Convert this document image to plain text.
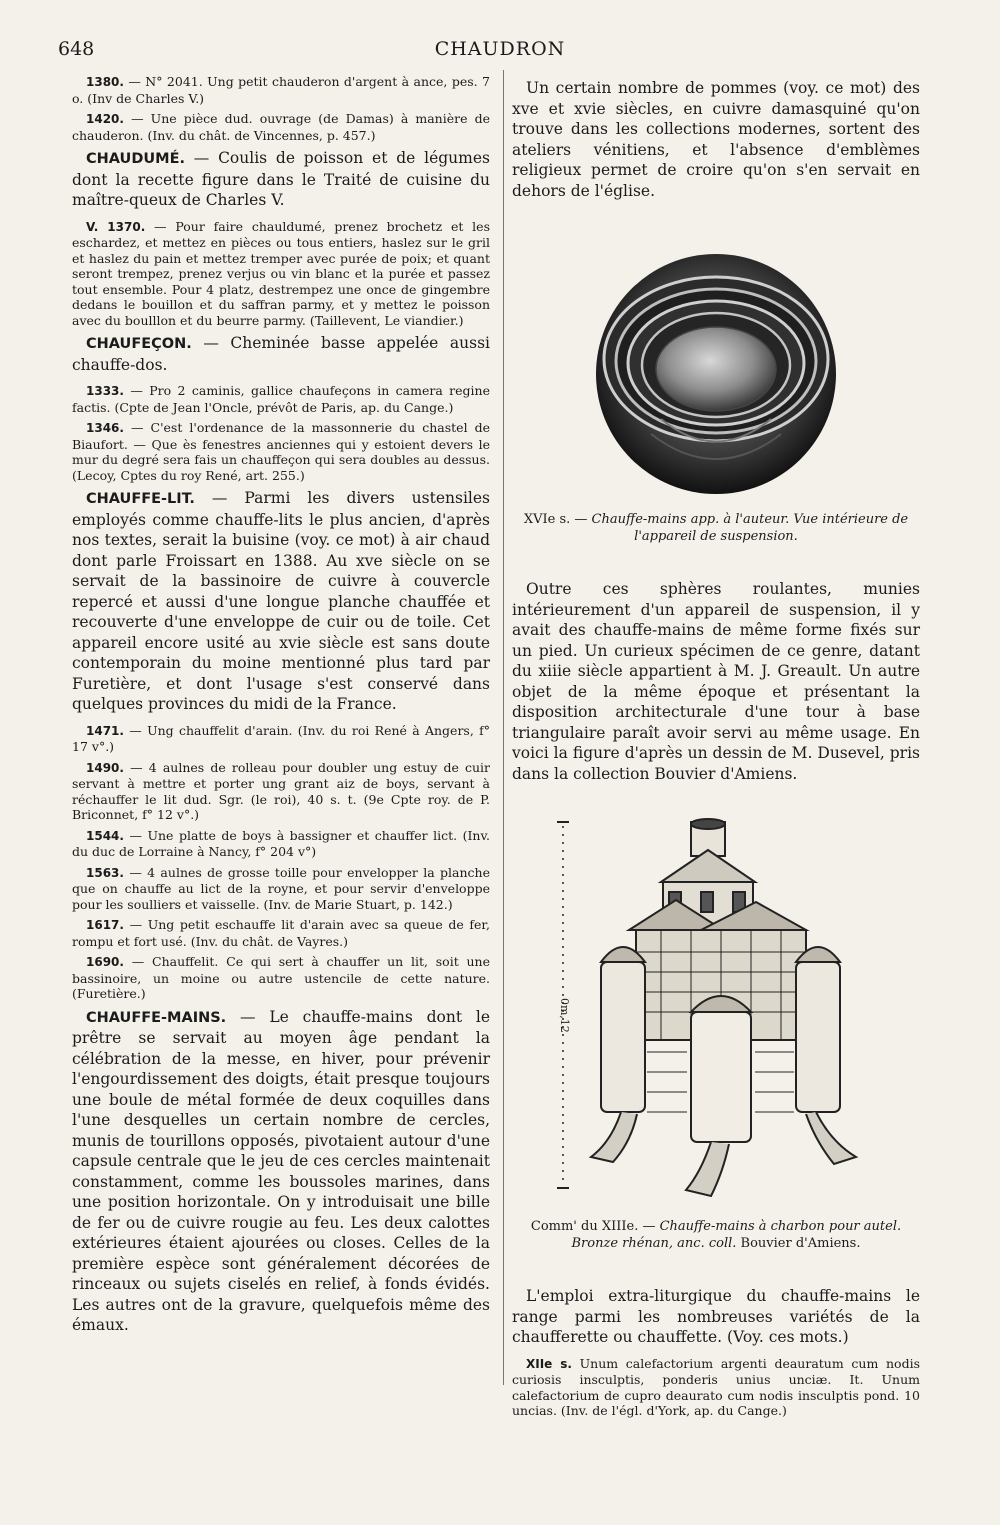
648	CHAUDRON

1380. — N° 2041. Ung petit chauderon d'argent à ance, pes. 7 o. (Inv de Charles V.)

1420. — Une pièce dud. ouvrage (de Damas) à manière de chauderon. (Inv. du chât. de Vincennes, p. 457.)

CHAUDUMÉ. — Coulis de poisson et de légumes dont la recette figure dans le Traité de cuisine du maître-queux de Charles V.

V. 1370. — Pour faire chauldumé, prenez brochetz et les eschardez, et mettez en pièces ou tous entiers, haslez sur le gril et haslez du pain et mettez tremper avec purée de poix; et quant seront trempez, prenez verjus ou vin blanc et la purée et passez tout ensemble. Pour 4 platz, destrempez une once de gingembre dedans le bouillon et du saffran parmy, et y mettez le poisson avec du boulllon et du beurre parmy. (Taillevent, Le viandier.)

CHAUFEÇON. — Cheminée basse appelée aussi chauffe-dos.

1333. — Pro 2 caminis, gallice chaufeçons in camera regine factis. (Cpte de Jean l'Oncle, prévôt de Paris, ap. du Cange.)

1346. — C'est l'ordenance de la massonnerie du chastel de Biaufort. — Que ès fenestres anciennes qui y estoient devers le mur du degré sera fais un chauffeçon qui sera doubles au dessus. (Lecoy, Cptes du roy René, art. 255.)

CHAUFFE-LIT. — Parmi les divers ustensiles employés comme chauffe-lits le plus ancien, d'après nos textes, serait la buisine (voy. ce mot) à air chaud dont parle Froissart en 1388. Au xve siècle on se servait de la bassinoire de cuivre à couvercle repercé et aussi d'une longue planche chauffée et recouverte d'une enveloppe de cuir ou de toile. Cet appareil encore usité au xvie siècle est sans doute contemporain du moine mentionné plus tard par Furetière, et dont l'usage s'est conservé dans quelques provinces du midi de la France.

1471. — Ung chauffelit d'arain. (Inv. du roi René à Angers, f° 17 v°.)

1490. — 4 aulnes de rolleau pour doubler ung estuy de cuir servant à mettre et porter ung grant aiz de boys, servant à réchauffer le lit dud. Sgr. (le roi), 40 s. t. (9e Cpte roy. de P. Briconnet, f° 12 v°.)

1544. — Une platte de boys à bassigner et chauffer lict. (Inv. du duc de Lorraine à Nancy, f° 204 v°)

1563. — 4 aulnes de grosse toille pour envelopper la planche que on chauffe au lict de la royne, et pour servir d'enveloppe pour les soulliers et vaisselle. (Inv. de Marie Stuart, p. 142.)

1617. — Ung petit eschauffe lit d'arain avec sa queue de fer, rompu et fort usé. (Inv. du chât. de Vayres.)

1690. — Chauffelit. Ce qui sert à chauffer un lit, soit une bassinoire, un moine ou autre ustencile de cette nature. (Furetière.)

CHAUFFE-MAINS. — Le chauffe-mains dont le prêtre se servait au moyen âge pendant la célébration de la messe, en hiver, pour prévenir l'engourdissement des doigts, était presque toujours une boule de métal formée de deux coquilles dans l'une desquelles un certain nombre de cercles, munis de tourillons opposés, pivotaient autour d'une capsule centrale que le jeu de ces cercles maintenait constamment, comme les boussoles marines, dans une position horizontale. On y introduisait une bille de fer ou de cuivre rougie au feu. Les deux calottes extérieures étaient ajourées ou closes. Celles de la première espèce sont généralement décorées de rinceaux ou sujets ciselés en relief, à fonds évidés. Les autres ont de la gravure, quelquefois même des émaux.

Un certain nombre de pommes (voy. ce mot) des xve et xvie siècles, en cuivre damasquiné qu'on trouve dans les collections modernes, sortent des ateliers vénitiens, et l'absence d'emblèmes religieux permet de croire qu'on s'en servait en dehors de l'église.

XVIe s. — Chauffe-mains app. à l'auteur. Vue intérieure de l'appareil de suspension.

Outre ces sphères roulantes, munies intérieurement d'un appareil de suspension, il y avait des chauffe-mains de même forme fixés sur un pied. Un curieux spécimen de ce genre, datant du xiiie siècle appartient à M. J. Greault. Un autre objet de la même époque et présentant la disposition architecturale d'une tour à base triangulaire paraît avoir servi au même usage. En voici la figure d'après un dessin de M. Dusevel, pris dans la collection Bouvier d'Amiens.

0m,12

Comm' du XIIIe. — Chauffe-mains à charbon pour autel. Bronze rhénan, anc. coll. Bouvier d'Amiens.

L'emploi extra-liturgique du chauffe-mains le range parmi les nombreuses variétés de la chaufferette ou chauffette. (Voy. ces mots.)

XIIe s. Unum calefactorium argenti deauratum cum nodis curiosis insculptis, ponderis unius unciæ. It. Unum calefactorium de cupro deaurato cum nodis insculptis pond. 10 uncias. (Inv. de l'égl. d'York, ap. du Cange.)
